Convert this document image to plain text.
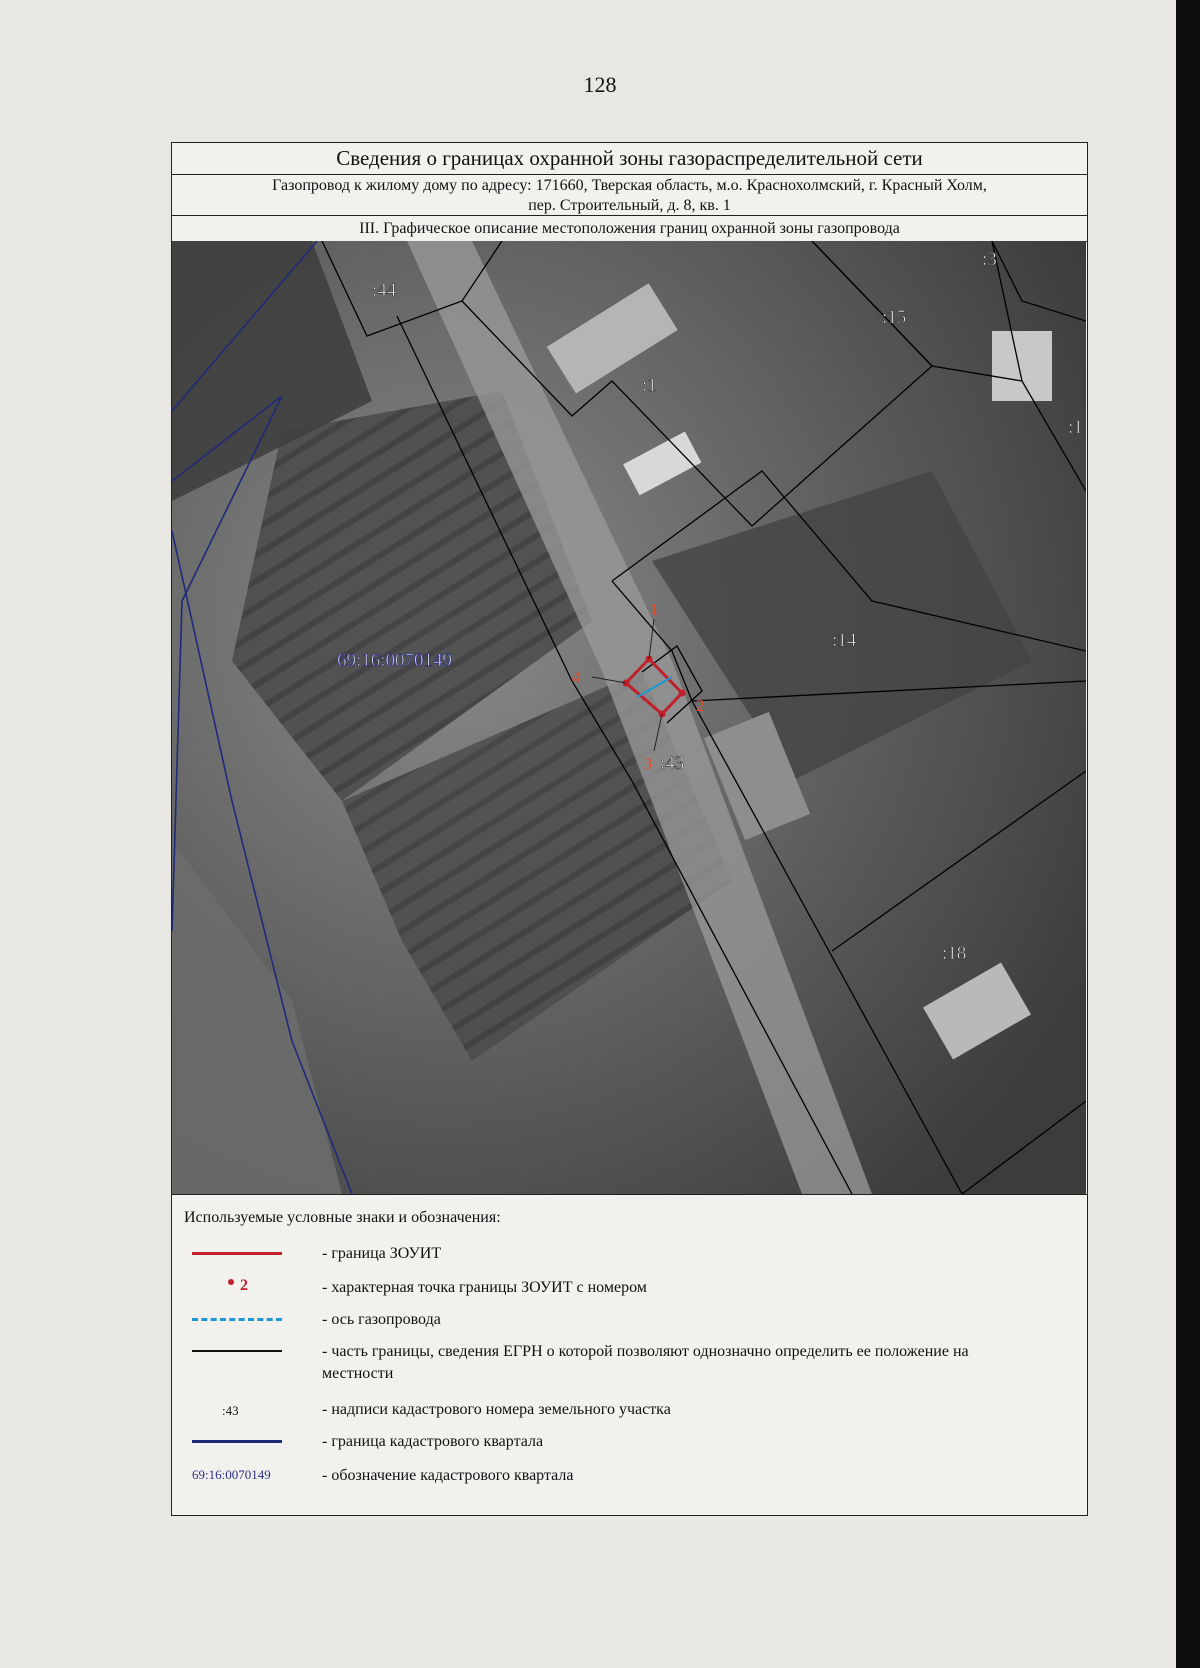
128
Сведения о границах охранной зоны газораспределительной сети
Газопровод к жилому дому по адресу: 171660, Тверская область, м.о. Краснохолмский, г. Красный Холм,
пер. Строительный, д. 8, кв. 1
III. Графическое описание местоположения границ охранной зоны газопровода
1
2
3
4
:44
:1
:15
:3
:1
:14
:43
:18
69:16:0070149
Используемые условные знаки и обозначения:
- граница ЗОУИТ
2	- характерная точка границы ЗОУИТ с номером
- ось газопровода
- часть границы, сведения ЕГРН о которой позволяют однозначно определить ее положение на местности
:43	- надписи кадастрового номера земельного участка
- граница кадастрового квартала
69:16:0070149	- обозначение кадастрового квартала
